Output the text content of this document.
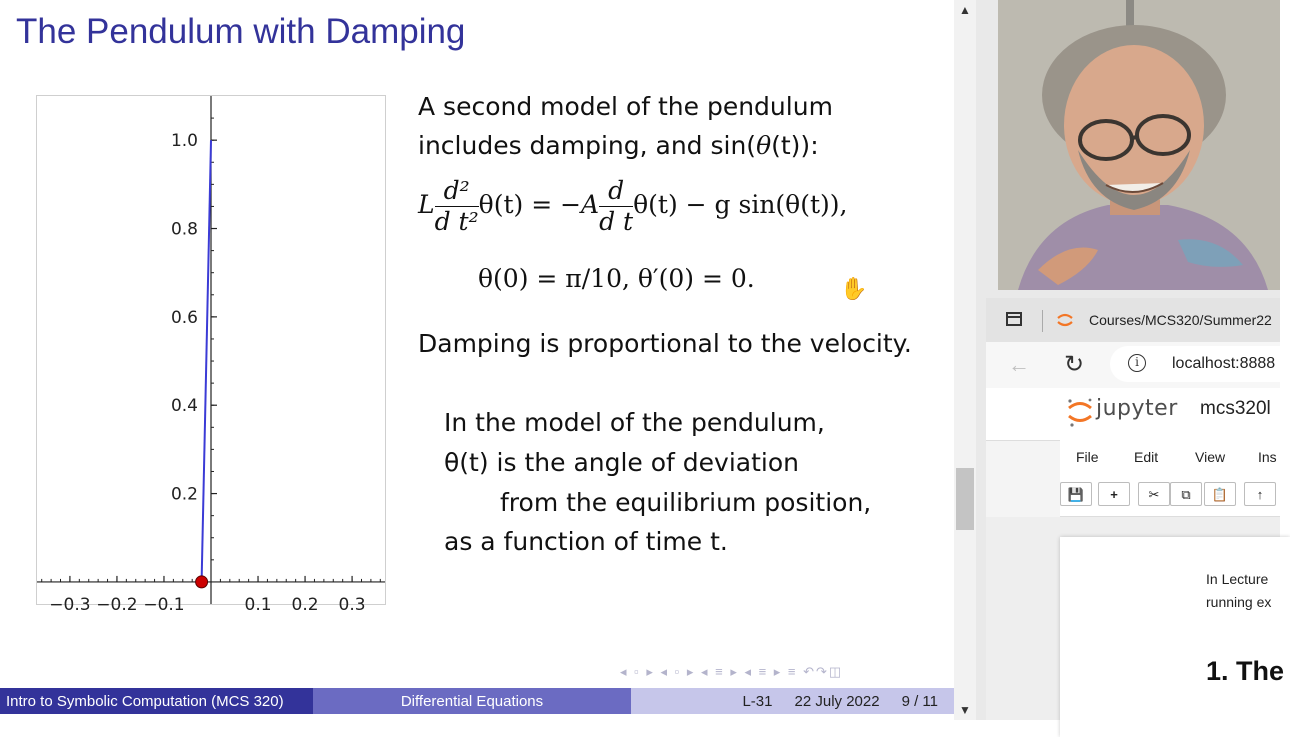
The Pendulum with Damping
−0.3 −0.2 −0.1	0.1 0.2 0.3
0.2
0.4
0.6
0.8
1.0
A second model of the pendulum
includes damping, and sin(θ(t)):
L $\frac{\text{d²}}{\text{d t²}} \theta(t) = -A \frac{d}{\text{d t}} \theta(t) - g$ sin(θ(t)),
θ(0) = π/10, θ′(0) = 0.	✋
Damping is proportional to the velocity.
In the model of the pendulum,
θ(t) is the angle of deviation
from the equilibrium position,
as a function of time t.
◂ ▫ ▸ ◂ ▫ ▸ ◂ ≡ ▸ ◂ ≡ ▸ ≡ ↶↷◫
Intro to Symbolic Computation (MCS 320)	Differential Equations	L-31 22 July 2022 9 / 11
▲
▼
Courses/MCS320/Summer22
← ↻	i	localhost:8888
jupyter mcs320l
File	Edit	View Ins
💾	+	✂	⧉	📋	↑
In Lecture
running ex
1. The
